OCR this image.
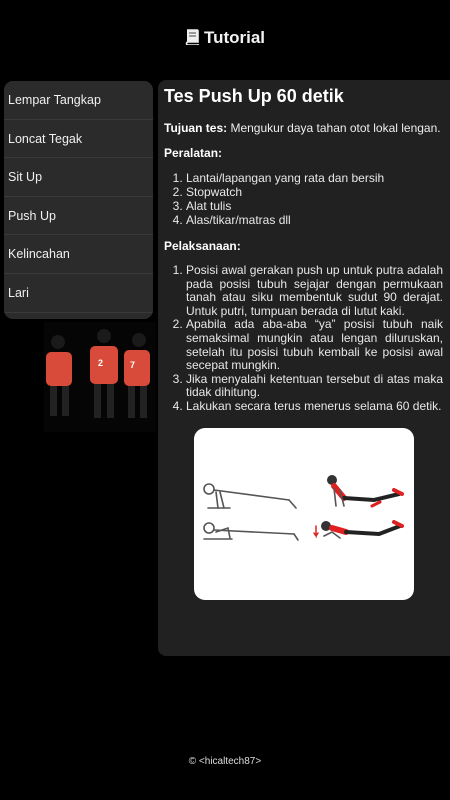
Tutorial
Lempar Tangkap
Loncat Tegak
Sit Up
Push Up
Kelincahan
Lari
2	7
Tes Push Up 60 detik

Tujuan tes: Mengukur daya tahan otot lokal lengan.

Peralatan:

1. Lantai/lapangan yang rata dan bersih
2. Stopwatch
3. Alat tulis
4. Alas/tikar/matras dll

Pelaksanaan:

1. Posisi awal gerakan push up untuk putra adalah pada posisi tubuh sejajar dengan permukaan tanah atau siku membentuk sudut 90 derajat. Untuk putri, tumpuan berada di lutut kaki.
2. Apabila ada aba-aba “ya” posisi tubuh naik semaksimal mungkin atau lengan diluruskan, setelah itu posisi tubuh kembali ke posisi awal secepat mungkin.
3. Jika menyalahi ketentuan tersebut di atas maka tidak dihitung.
4. Lakukan secara terus menerus selama 60 detik.
© <hicaltech87>
